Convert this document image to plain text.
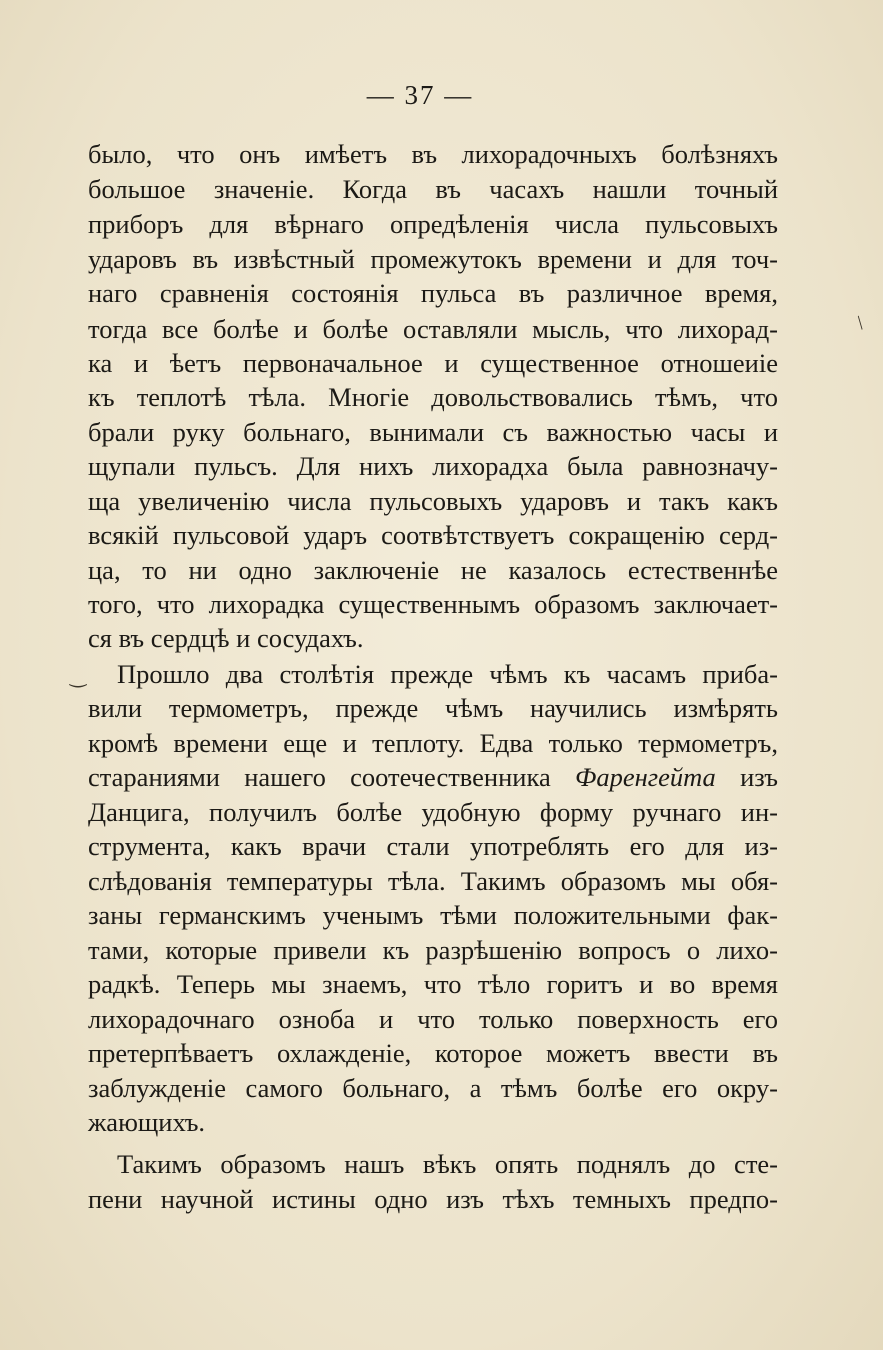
— 37 —
было, что онъ имѣетъ въ лихорадочныхъ болѣзняхъ
большое значенiе. Когда въ часахъ нашли точный
приборъ для вѣрнаго опредѣленiя числа пульсовыхъ
ударовъ въ извѣстный промежутокъ времени и для точ-
наго сравненiя состоянiя пульса въ различное время,
тогда все болѣе и болѣе оставляли мысль, что лихорад-
ка и ѣетъ первоначальное и существенное отношеиiе
къ теплотѣ тѣла. Многiе довольствовались тѣмъ, что
брали руку больнаго, вынимали съ важностью часы и
щупали пульсъ. Для нихъ лихорадха была равнозначу-
ща увеличенiю числа пульсовыхъ ударовъ и такъ какъ
всякiй пульсовой ударъ соотвѣтствуетъ сокращенiю серд-
ца, то ни одно заключенiе не казалось естественнѣе
того, что лихорадка существеннымъ образомъ заключает-
ся въ сердцѣ и сосудахъ.
Прошло два столѣтiя прежде чѣмъ къ часамъ приба-
вили термометръ, прежде чѣмъ научились измѣрять
кромѣ времени еще и теплоту. Едва только термометръ,
стараниями нашего соотечественника Фаренгейта изъ
Данцига, получилъ болѣе удобную форму ручнаго ин-
струмента, какъ врачи стали употреблять его для из-
слѣдованiя температуры тѣла. Такимъ образомъ мы обя-
заны германскимъ ученымъ тѣми положительными фак-
тами, которые привели къ разрѣшенiю вопросъ о лихо-
радкѣ. Теперь мы знаемъ, что тѣло горитъ и во время
лихорадочнаго озноба и что только поверхность его
претерпѣваетъ охлажденiе, которое можетъ ввести въ
заблужденiе самого больнаго, а тѣмъ болѣе его окру-
жающихъ.
Такимъ образомъ нашъ вѣкъ опять поднялъ до сте-
пени научной истины одно изъ тѣхъ темныхъ предпо-
/
‿
